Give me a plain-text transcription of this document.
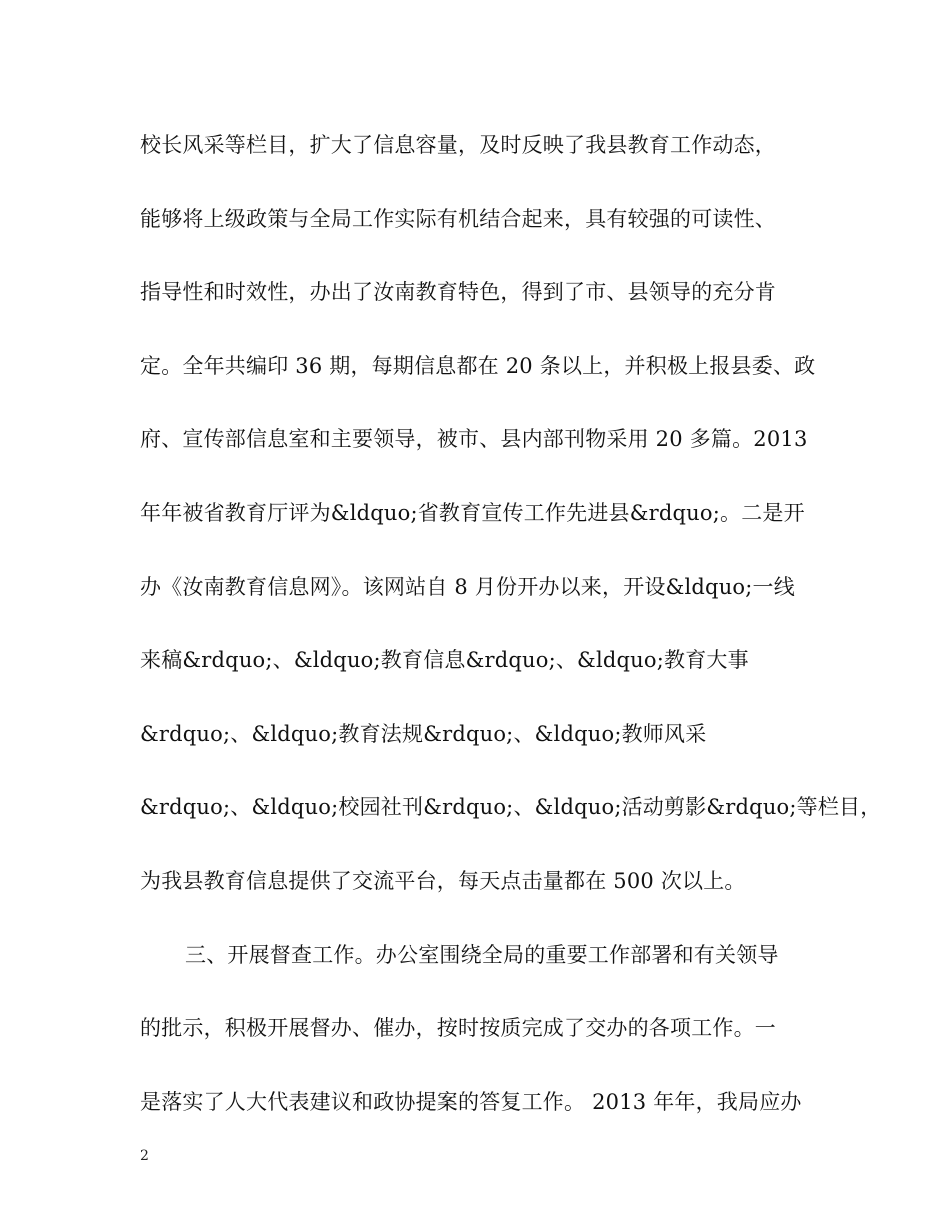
校长风采等栏目，扩大了信息容量，及时反映了我县教育工作动态，
能够将上级政策与全局工作实际有机结合起来，具有较强的可读性、
指导性和时效性，办出了汝南教育特色，得到了市、县领导的充分肯
定。全年共编印 36 期，每期信息都在 20 条以上，并积极上报县委、政
府、宣传部信息室和主要领导，被市、县内部刊物采用 20 多篇。2013
年年被省教育厅评为&ldquo;省教育宣传工作先进县&rdquo;。二是开
办《汝南教育信息网》。该网站自 8 月份开办以来，开设&ldquo;一线
来稿&rdquo;、&ldquo;教育信息&rdquo;、&ldquo;教育大事
&rdquo;、&ldquo;教育法规&rdquo;、&ldquo;教师风采
&rdquo;、&ldquo;校园社刊&rdquo;、&ldquo;活动剪影&rdquo;等栏目，
为我县教育信息提供了交流平台，每天点击量都在 500 次以上。
三、开展督查工作。办公室围绕全局的重要工作部署和有关领导
的批示，积极开展督办、催办，按时按质完成了交办的各项工作。一
是落实了人大代表建议和政协提案的答复工作。 2013 年年，我局应办
2
